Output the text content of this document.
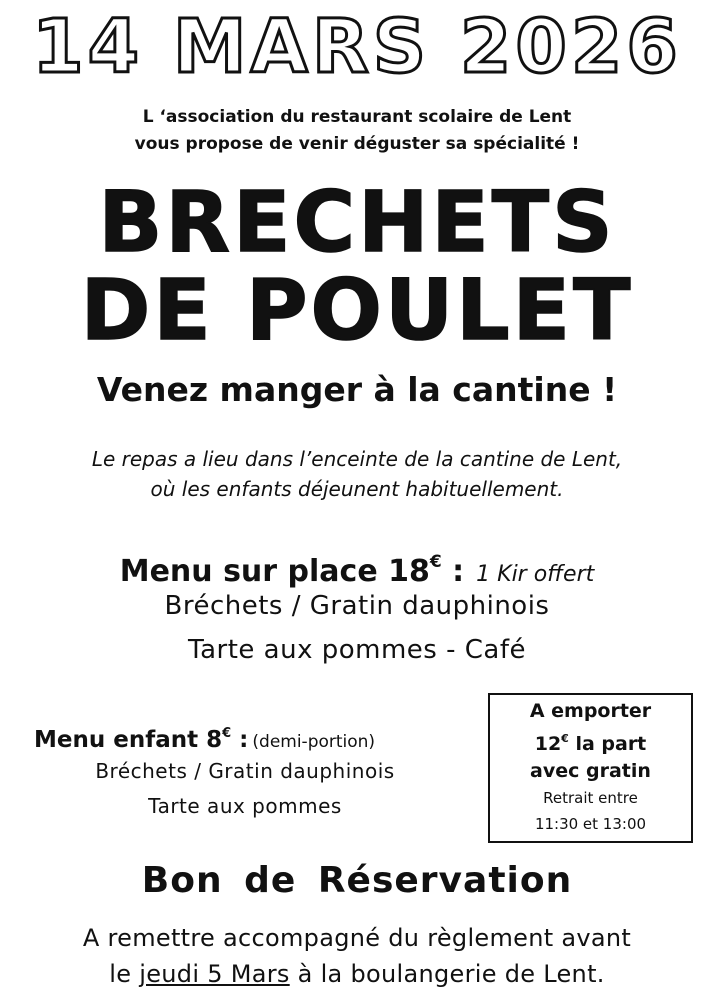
14 MARS 2026
L ‘association du restaurant scolaire de Lent
vous propose de venir déguster sa spécialité !
BRECHETS
DE POULET
Venez manger à la cantine !
Le repas a lieu dans l’enceinte de la cantine de Lent,
où les enfants déjeunent habituellement.
Menu sur place 18€ : 1 Kir offert
Bréchets / Gratin dauphinois
Tarte aux pommes - Café
Menu enfant 8€ : (demi-portion)
Bréchets / Gratin dauphinois
Tarte aux pommes
A emporter
12€ la part
avec gratin
Retrait entre
11:30 et 13:00
Bon de Réservation
A remettre accompagné du règlement avant
le jeudi 5 Mars à la boulangerie de Lent.
